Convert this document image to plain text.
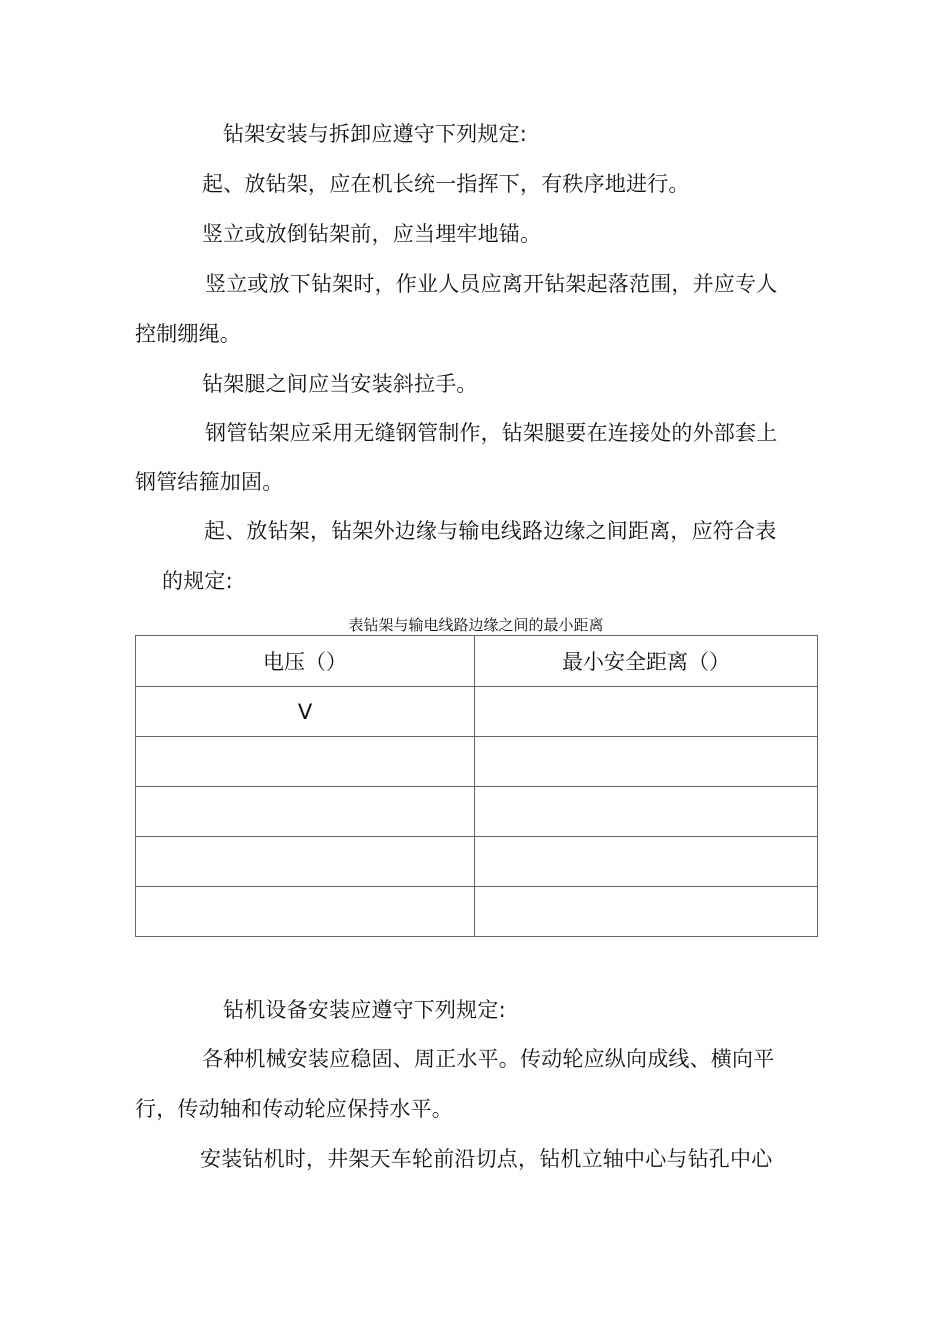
钻架安装与拆卸应遵守下列规定:
起、放钻架，应在机长统一指挥下，有秩序地进行。
竖立或放倒钻架前，应当埋牢地锚。
竖立或放下钻架时，作业人员应离开钻架起落范围，并应专人
控制绷绳。
钻架腿之间应当安装斜拉手。
钢管钻架应采用无缝钢管制作，钻架腿要在连接处的外部套上
钢管结箍加固。
起、放钻架，钻架外边缘与输电线路边缘之间距离，应符合表
的规定:
表钻架与输电线路边缘之间的最小距离
电压（）	最小安全距离（）
V	

钻机设备安装应遵守下列规定:
各种机械安装应稳固、周正水平。传动轮应纵向成线、横向平
行，传动轴和传动轮应保持水平。
安装钻机时，井架天车轮前沿切点，钻机立轴中心与钻孔中心
